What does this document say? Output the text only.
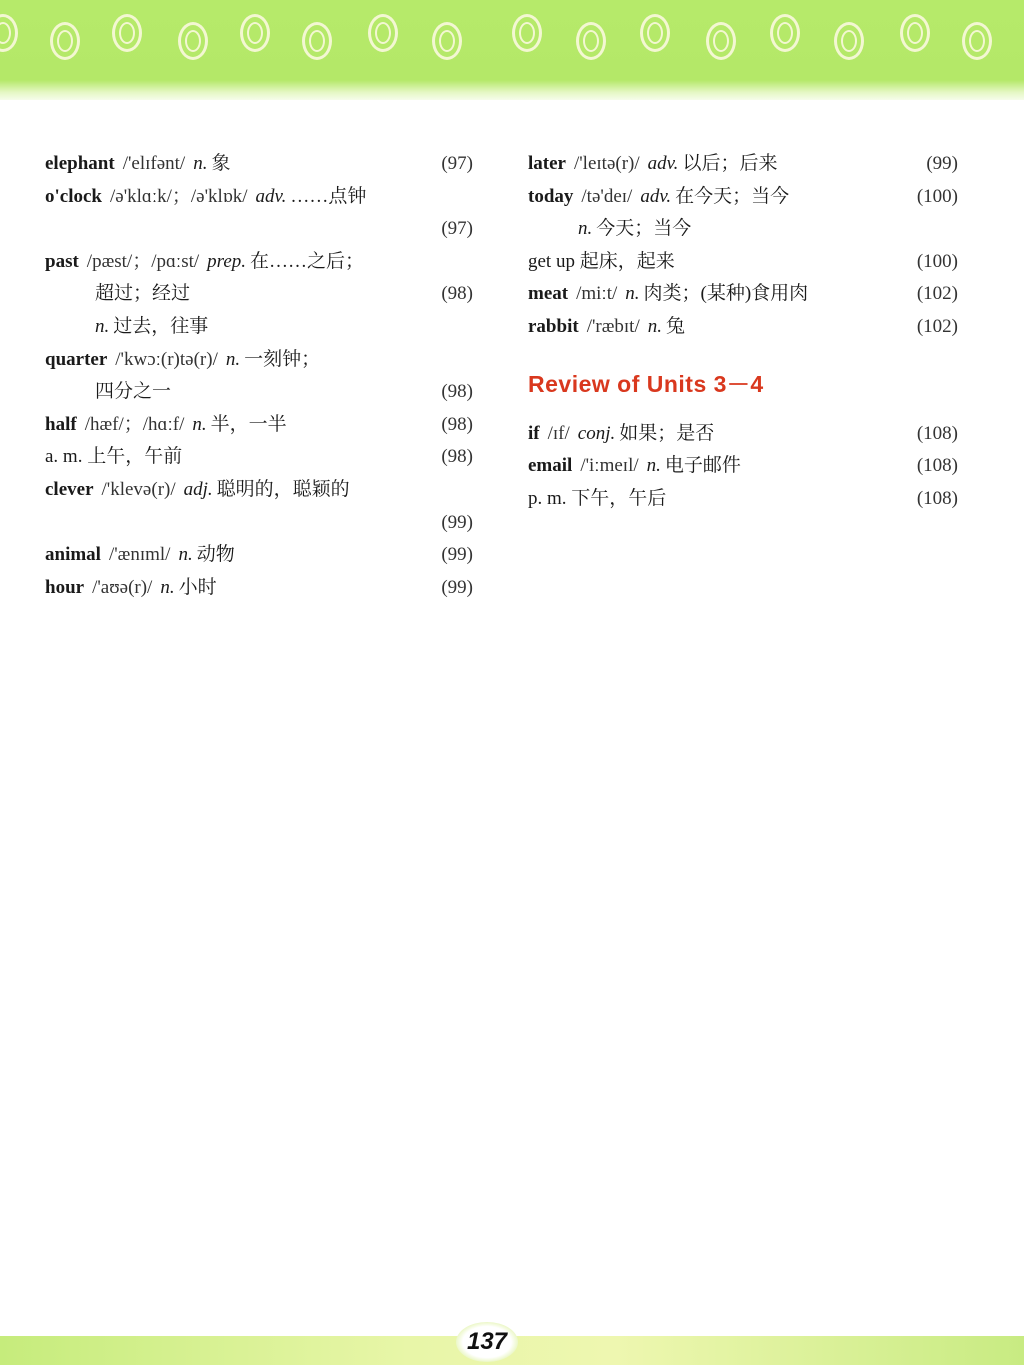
elephant /'elɪfənt/ n. 象	(97)
o'clock /ə'klɑːk/；/ə'klɒk/ adv. ……点钟
(97)
past /pæst/；/pɑːst/ prep. 在……之后；
超过；经过	(98)
n. 过去，往事
quarter /'kwɔː(r)tə(r)/ n. 一刻钟；
四分之一	(98)
half /hæf/；/hɑːf/ n. 半，一半	(98)
a. m. 上午，午前	(98)
clever /'klevə(r)/ adj. 聪明的，聪颖的
(99)
animal /'ænɪml/ n. 动物	(99)
hour /'aʊə(r)/ n. 小时	(99)
later /'leɪtə(r)/ adv. 以后；后来	(99)
today /tə'deɪ/ adv. 在今天；当今	(100)
n. 今天；当今
get up 起床，起来	(100)
meat /miːt/ n. 肉类；(某种)食用肉	(102)
rabbit /'ræbɪt/ n. 兔	(102)
Review of Units 3－4
if /ɪf/ conj. 如果；是否	(108)
email /'iːmeɪl/ n. 电子邮件	(108)
p. m. 下午，午后	(108)
137
